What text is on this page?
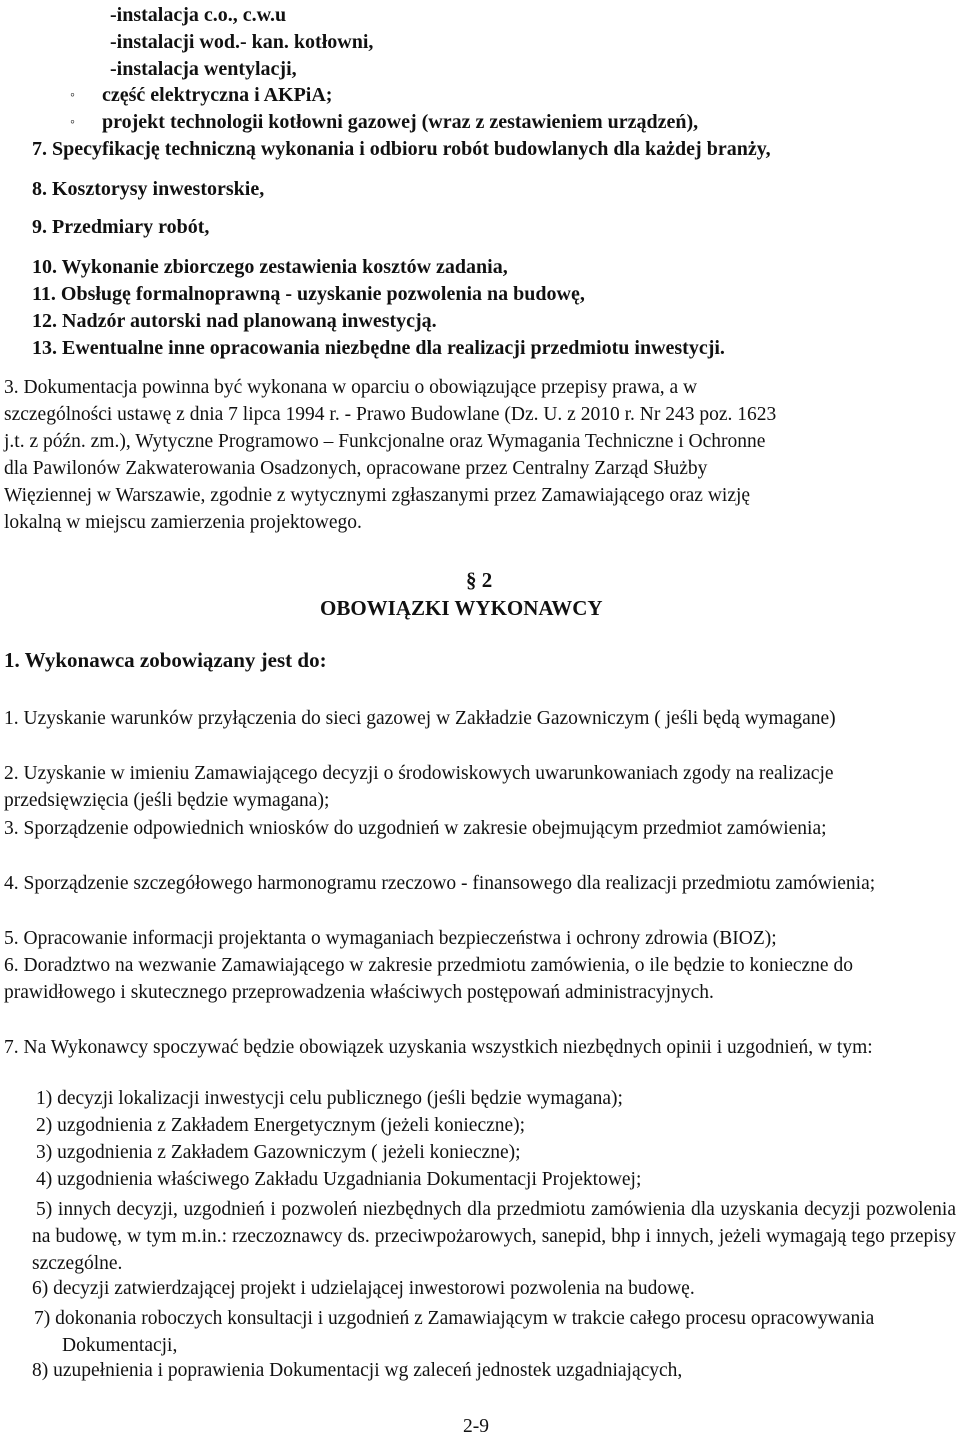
-instalacja c.o., c.w.u
-instalacji wod.- kan. kotłowni,
-instalacja wentylacji,
◦ część elektryczna i AKPiA;
◦ projekt technologii kotłowni gazowej (wraz z zestawieniem urządzeń),
7. Specyfikację techniczną wykonania i odbioru robót budowlanych dla każdej branży,
8. Kosztorysy inwestorskie,
9. Przedmiary robót,
10. Wykonanie zbiorczego zestawienia kosztów zadania,
11. Obsługę formalnoprawną - uzyskanie pozwolenia na budowę,
12. Nadzór autorski nad planowaną inwestycją.
13. Ewentualne inne opracowania niezbędne dla realizacji przedmiotu inwestycji.
3. Dokumentacja powinna być wykonana w oparciu o obowiązujące przepisy prawa, a w
szczególności ustawę z dnia 7 lipca 1994 r. - Prawo Budowlane (Dz. U. z 2010 r. Nr 243 poz. 1623
j.t. z późn. zm.), Wytyczne Programowo – Funkcjonalne oraz Wymagania Techniczne i Ochronne
dla Pawilonów Zakwaterowania Osadzonych, opracowane przez Centralny Zarząd Służby
Więziennej w Warszawie, zgodnie z wytycznymi zgłaszanymi przez Zamawiającego oraz wizję
lokalną w miejscu zamierzenia projektowego.
§ 2
OBOWIĄZKI WYKONAWCY
1. Wykonawca zobowiązany jest do:
1. Uzyskanie warunków przyłączenia do sieci gazowej w Zakładzie Gazowniczym ( jeśli będą wymagane)
2. Uzyskanie w imieniu Zamawiającego decyzji o środowiskowych uwarunkowaniach zgody na realizacje przedsięwzięcia (jeśli będzie wymagana);
3. Sporządzenie odpowiednich wniosków do uzgodnień w zakresie obejmującym przedmiot zamówienia;
4. Sporządzenie szczegółowego harmonogramu rzeczowo - finansowego dla realizacji przedmiotu zamówienia;
5. Opracowanie informacji projektanta o wymaganiach bezpieczeństwa i ochrony zdrowia (BIOZ);
6. Doradztwo na wezwanie Zamawiającego w zakresie przedmiotu zamówienia, o ile będzie to konieczne do prawidłowego i skutecznego przeprowadzenia właściwych postępowań administracyjnych.
7. Na Wykonawcy spoczywać będzie obowiązek uzyskania wszystkich niezbędnych opinii i uzgodnień, w tym:
1) decyzji lokalizacji inwestycji celu publicznego (jeśli będzie wymagana);
2) uzgodnienia z Zakładem Energetycznym (jeżeli konieczne);
3) uzgodnienia z Zakładem Gazowniczym ( jeżeli konieczne);
4) uzgodnienia właściwego Zakładu Uzgadniania Dokumentacji Projektowej;
5) innych decyzji, uzgodnień i pozwoleń niezbędnych dla przedmiotu zamówienia dla uzyskania decyzji pozwolenia na budowę, w tym m.in.: rzeczoznawcy ds. przeciwpożarowych, sanepid, bhp i innych, jeżeli wymagają tego przepisy szczególne.
6) decyzji zatwierdzającej projekt i udzielającej inwestorowi pozwolenia na budowę.
7) dokonania roboczych konsultacji i uzgodnień z Zamawiającym w trakcie całego procesu opracowywania Dokumentacji,
8) uzupełnienia i poprawienia Dokumentacji wg zaleceń jednostek uzgadniających,
2-9
